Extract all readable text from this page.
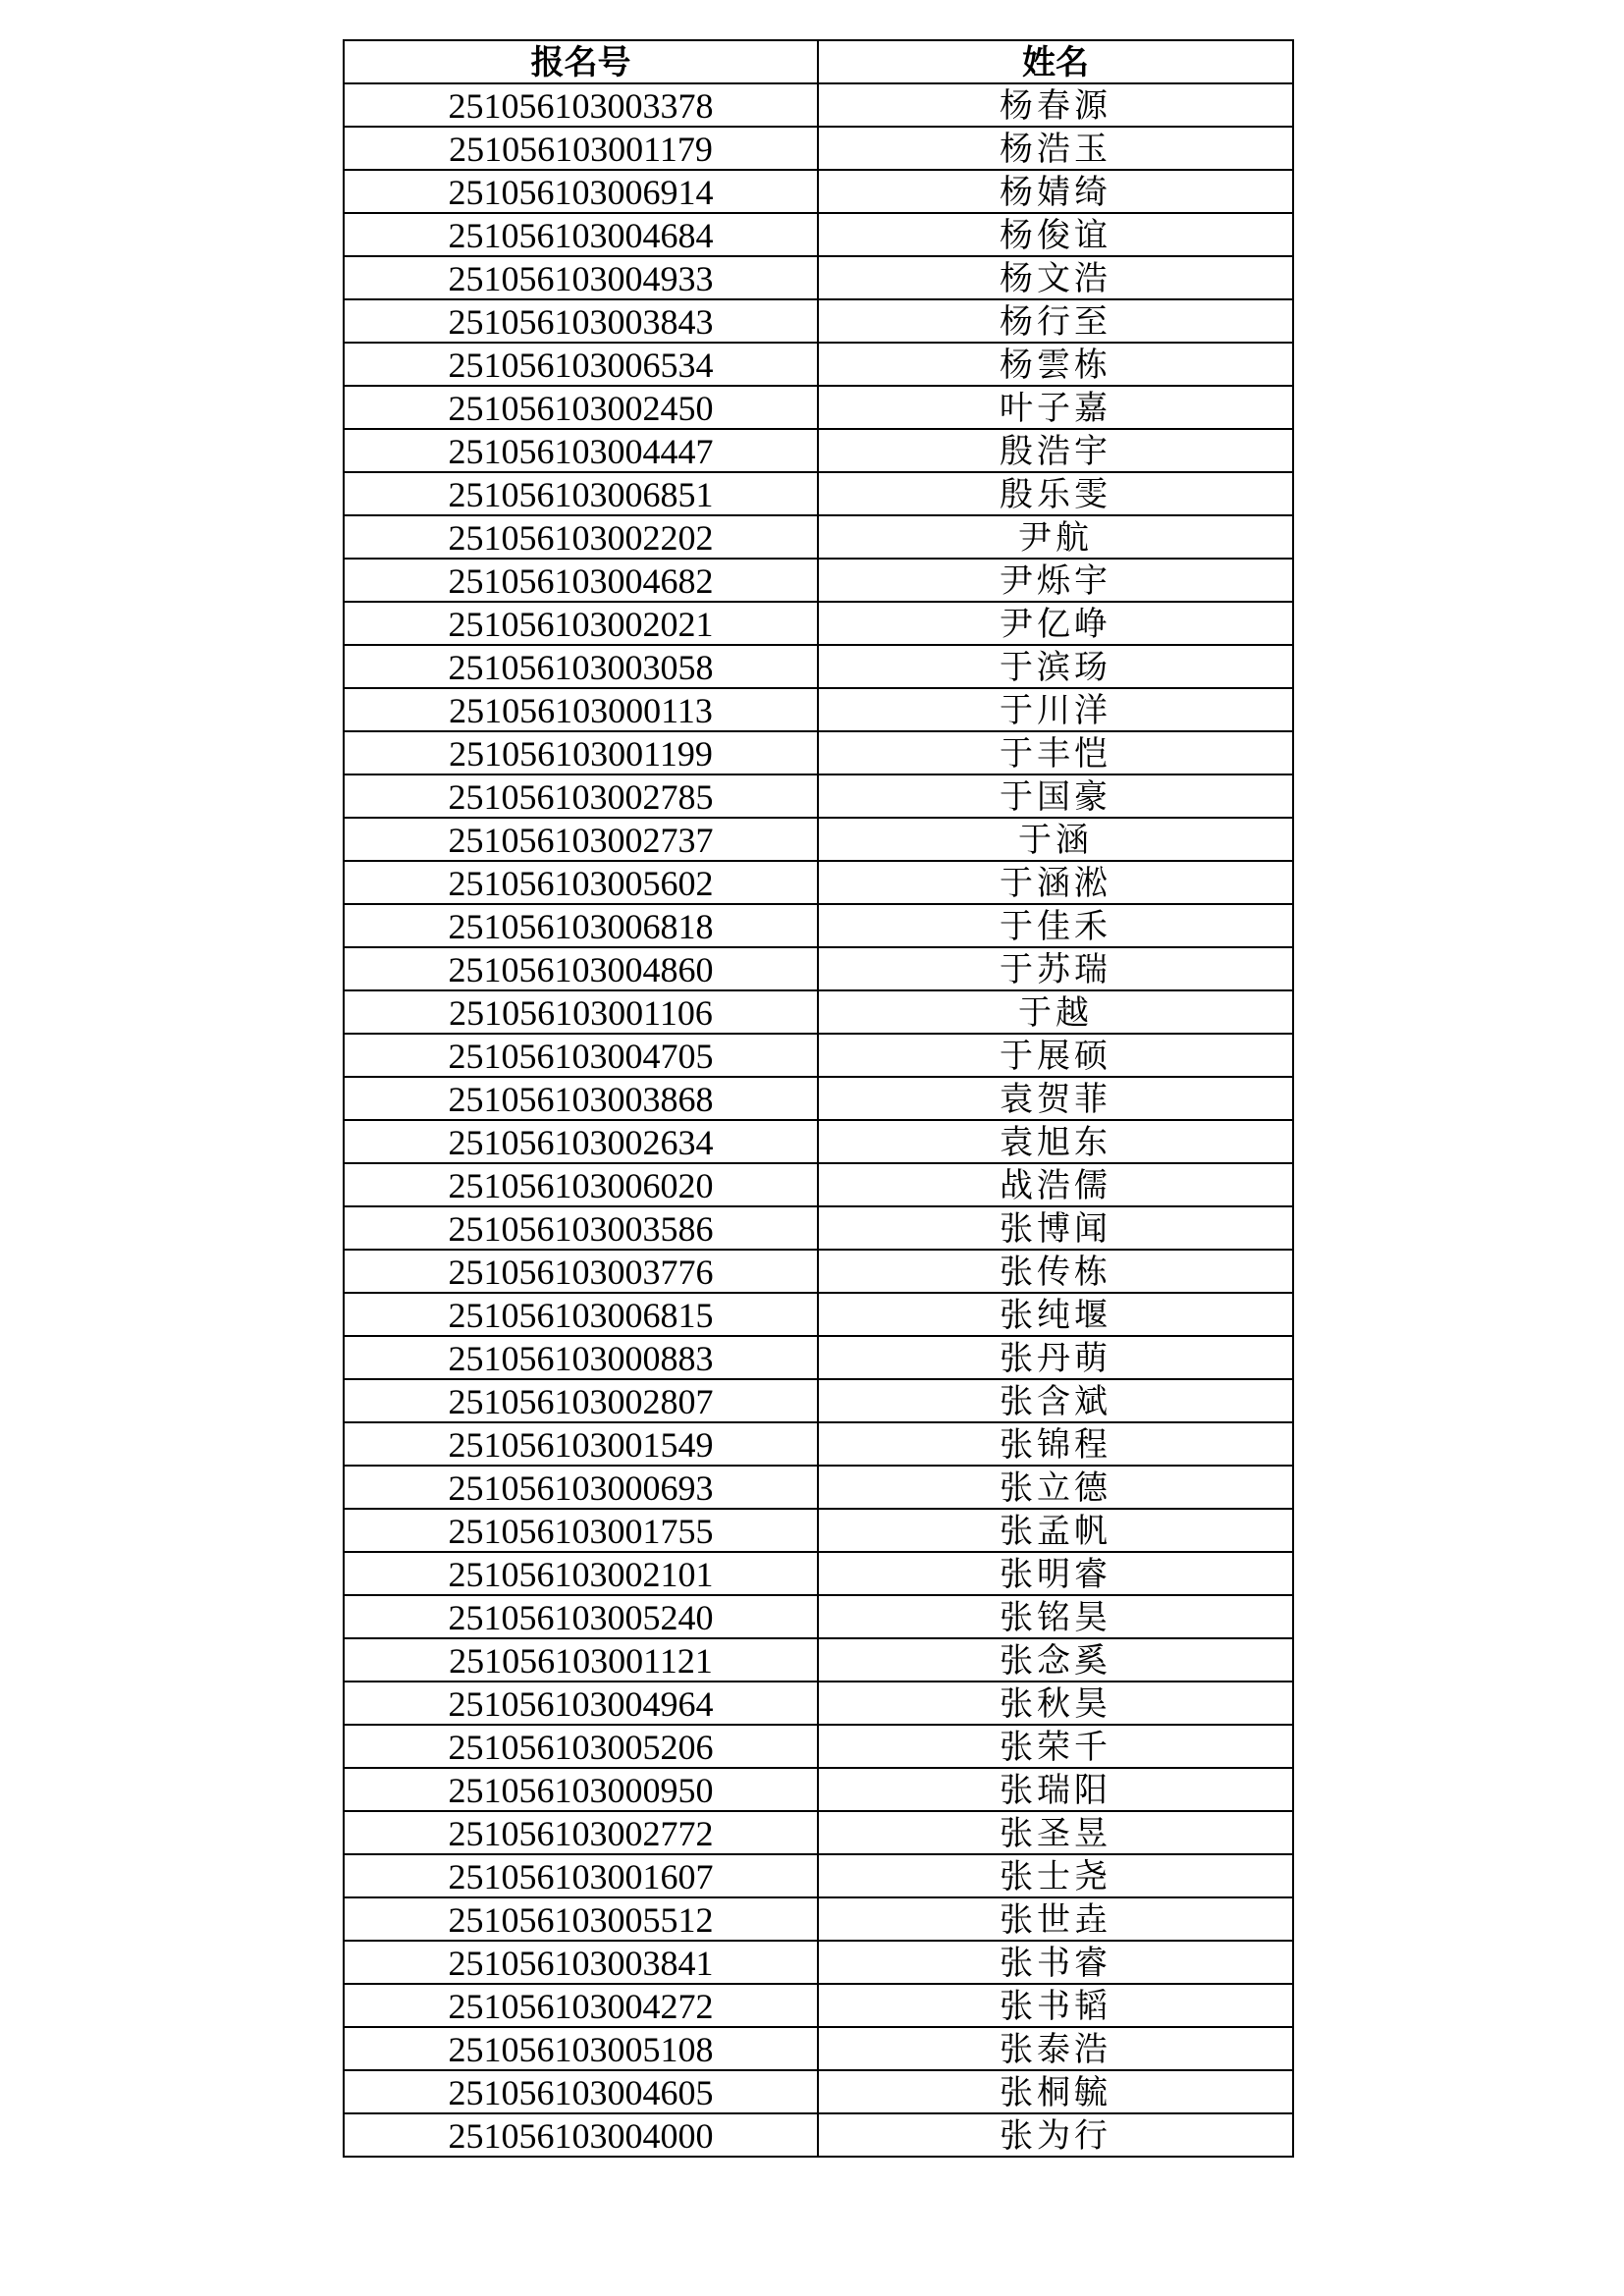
报名号	姓名
251056103003378	杨春源
251056103001179	杨浩玉
251056103006914	杨婧绮
251056103004684	杨俊谊
251056103004933	杨文浩
251056103003843	杨行至
251056103006534	杨雲栋
251056103002450	叶子嘉
251056103004447	殷浩宇
251056103006851	殷乐雯
251056103002202	尹航
251056103004682	尹烁宇
251056103002021	尹亿峥
251056103003058	于滨玚
251056103000113	于川洋
251056103001199	于丰恺
251056103002785	于国豪
251056103002737	于涵
251056103005602	于涵淞
251056103006818	于佳禾
251056103004860	于苏瑞
251056103001106	于越
251056103004705	于展硕
251056103003868	袁贺菲
251056103002634	袁旭东
251056103006020	战浩儒
251056103003586	张博闻
251056103003776	张传栋
251056103006815	张纯堰
251056103000883	张丹萌
251056103002807	张含斌
251056103001549	张锦程
251056103000693	张立德
251056103001755	张孟帆
251056103002101	张明睿
251056103005240	张铭昊
251056103001121	张念奚
251056103004964	张秋昊
251056103005206	张荣千
251056103000950	张瑞阳
251056103002772	张圣昱
251056103001607	张士尧
251056103005512	张世垚
251056103003841	张书睿
251056103004272	张书韬
251056103005108	张泰浩
251056103004605	张桐毓
251056103004000	张为行
